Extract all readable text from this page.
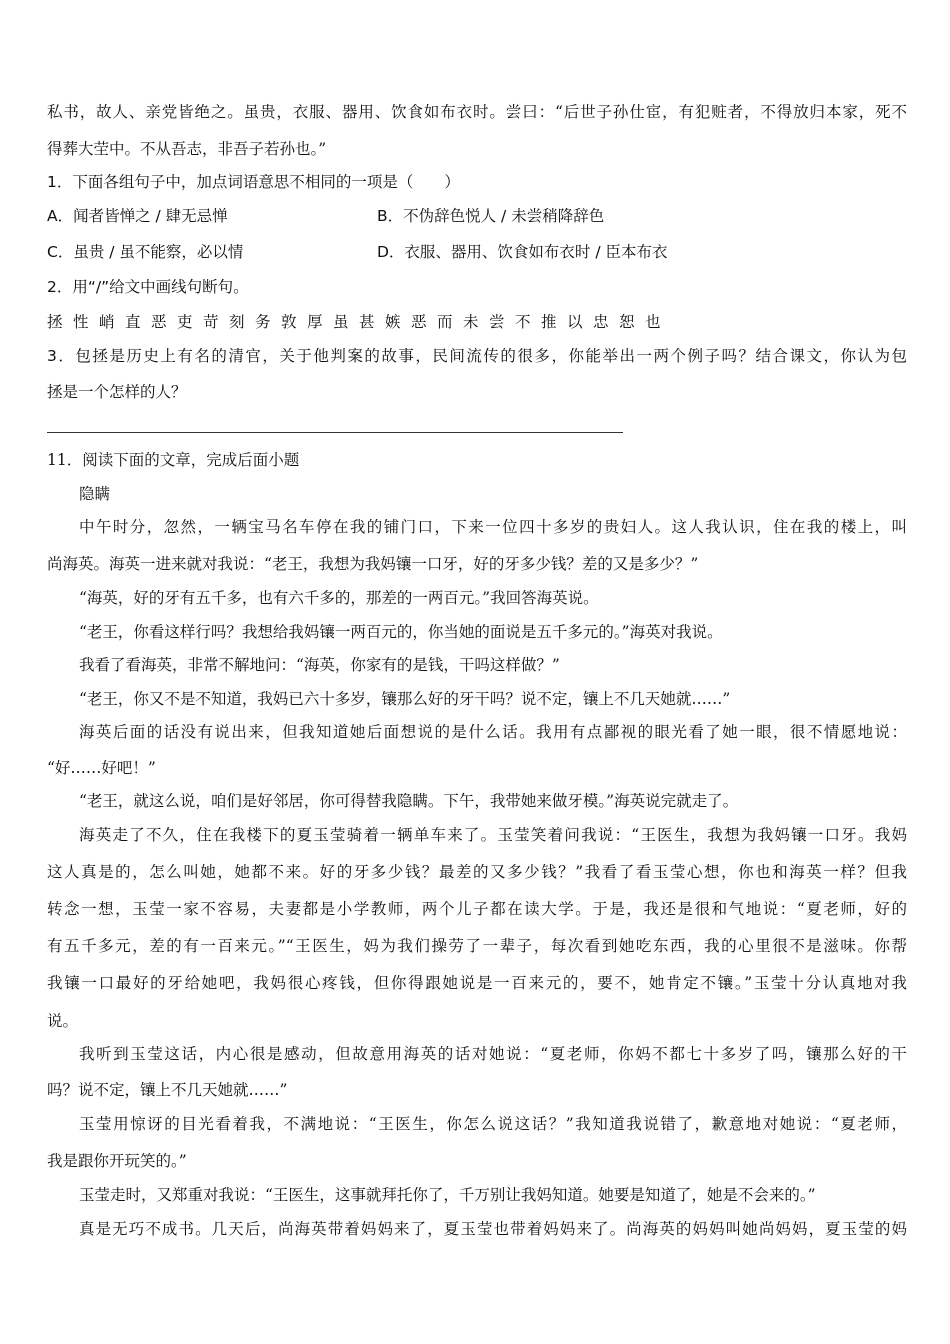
私书，故人、亲党皆绝之。虽贵，衣服、器用、饮食如布衣时。尝曰：“后世子孙仕宦，有犯赃者，不得放归本家，死不
得葬大茔中。不从吾志，非吾子若孙也。”
1．下面各组句子中，加点词语意思不相同的一项是（　　）
A．闻者皆惮之 / 肆无忌惮	B．不伪辞色悦人 / 未尝稍降辞色
C．虽贵 / 虽不能察，必以情	D．衣服、器用、饮食如布衣时 / 臣本布衣
2．用“/”给文中画线句断句。
拯性峭直恶吏苛刻务敦厚虽甚嫉恶而未尝不推以忠恕也
3．包拯是历史上有名的清官，关于他判案的故事，民间流传的很多，你能举出一两个例子吗？结合课文，你认为包
拯是一个怎样的人？
11．阅读下面的文章，完成后面小题
隐瞒
中午时分，忽然，一辆宝马名车停在我的铺门口，下来一位四十多岁的贵妇人。这人我认识，住在我的楼上，叫
尚海英。海英一进来就对我说：“老王，我想为我妈镶一口牙，好的牙多少钱？差的又是多少？”
“海英，好的牙有五千多，也有六千多的，那差的一两百元。”我回答海英说。
“老王，你看这样行吗？我想给我妈镶一两百元的，你当她的面说是五千多元的。”海英对我说。
我看了看海英，非常不解地问：“海英，你家有的是钱，干吗这样做？”
“老王，你又不是不知道，我妈已六十多岁，镶那么好的牙干吗？说不定，镶上不几天她就……”
海英后面的话没有说出来，但我知道她后面想说的是什么话。我用有点鄙视的眼光看了她一眼，很不情愿地说：
“好……好吧！”
“老王，就这么说，咱们是好邻居，你可得替我隐瞒。下午，我带她来做牙模。”海英说完就走了。
海英走了不久，住在我楼下的夏玉莹骑着一辆单车来了。玉莹笑着问我说：“王医生，我想为我妈镶一口牙。我妈
这人真是的，怎么叫她，她都不来。好的牙多少钱？最差的又多少钱？”我看了看玉莹心想，你也和海英一样？但我
转念一想，玉莹一家不容易，夫妻都是小学教师，两个儿子都在读大学。于是，我还是很和气地说：“夏老师，好的
有五千多元，差的有一百来元。”“王医生，妈为我们操劳了一辈子，每次看到她吃东西，我的心里很不是滋味。你帮
我镶一口最好的牙给她吧，我妈很心疼钱，但你得跟她说是一百来元的，要不，她肯定不镶。”玉莹十分认真地对我
说。
我听到玉莹这话，内心很是感动，但故意用海英的话对她说：“夏老师，你妈不都七十多岁了吗，镶那么好的干
吗？说不定，镶上不几天她就……”
玉莹用惊讶的目光看着我，不满地说：“王医生，你怎么说这话？”我知道我说错了，歉意地对她说：“夏老师，
我是跟你开玩笑的。”
玉莹走时，又郑重对我说：“王医生，这事就拜托你了，千万别让我妈知道。她要是知道了，她是不会来的。”
真是无巧不成书。几天后，尚海英带着妈妈来了，夏玉莹也带着妈妈来了。尚海英的妈妈叫她尚妈妈，夏玉莹的妈
